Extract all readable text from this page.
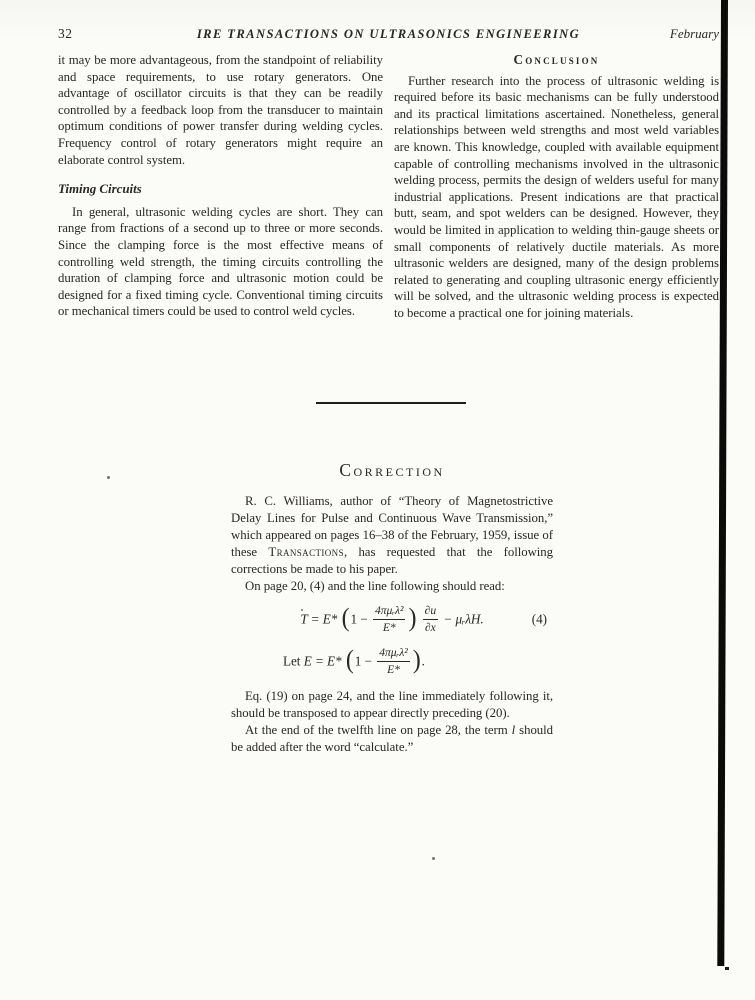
32	IRE TRANSACTIONS ON ULTRASONICS ENGINEERING	February

it may be more advantageous, from the standpoint of reliability and space requirements, to use rotary generators. One advantage of oscillator circuits is that they can be readily controlled by a feedback loop from the transducer to maintain optimum conditions of power transfer during welding cycles. Frequency control of rotary generators might require an elaborate control system.

Timing Circuits

In general, ultrasonic welding cycles are short. They can range from fractions of a second up to three or more seconds. Since the clamping force is the most effective means of controlling weld strength, the timing circuits controlling the duration of clamping force and ultrasonic motion could be designed for a fixed timing cycle. Conventional timing circuits or mechanical timers could be used to control weld cycles.

Conclusion

Further research into the process of ultrasonic welding is required before its basic mechanisms can be fully understood and its practical limitations ascertained. Nonetheless, general relationships between weld strengths and most weld variables are known. This knowledge, coupled with available equipment capable of controlling mechanisms involved in the ultrasonic welding process, permits the design of welders useful for many industrial applications. Present indications are that practical butt, seam, and spot welders can be designed. However, they would be limited in application to welding thin-gauge sheets or small components of relatively ductile materials. As more ultrasonic welders are designed, many of the design problems related to generating and coupling ultrasonic energy efficiently will be solved, and the ultrasonic welding process is expected to become a practical one for joining materials.

Correction

R. C. Williams, author of “Theory of Magnetostrictive Delay Lines for Pulse and Continuous Wave Transmission,” which appeared on pages 16–38 of the February, 1959, issue of these Transactions, has requested that the following corrections be made to his paper.

On page 20, (4) and the line following should read:

T = E* ($1 - \frac{\text{4πμᵣλ²}}{E*}$ ) $\frac{\partial u}{\partial x}$ − μᵣλH.	(4)
Let E = E* ($1 - \frac{\text{4πμᵣλ²}}{E*}$ ).

Eq. (19) on page 24, and the line immediately following it, should be transposed to appear directly preceding (20).

At the end of the twelfth line on page 28, the term l should be added after the word “calculate.”
